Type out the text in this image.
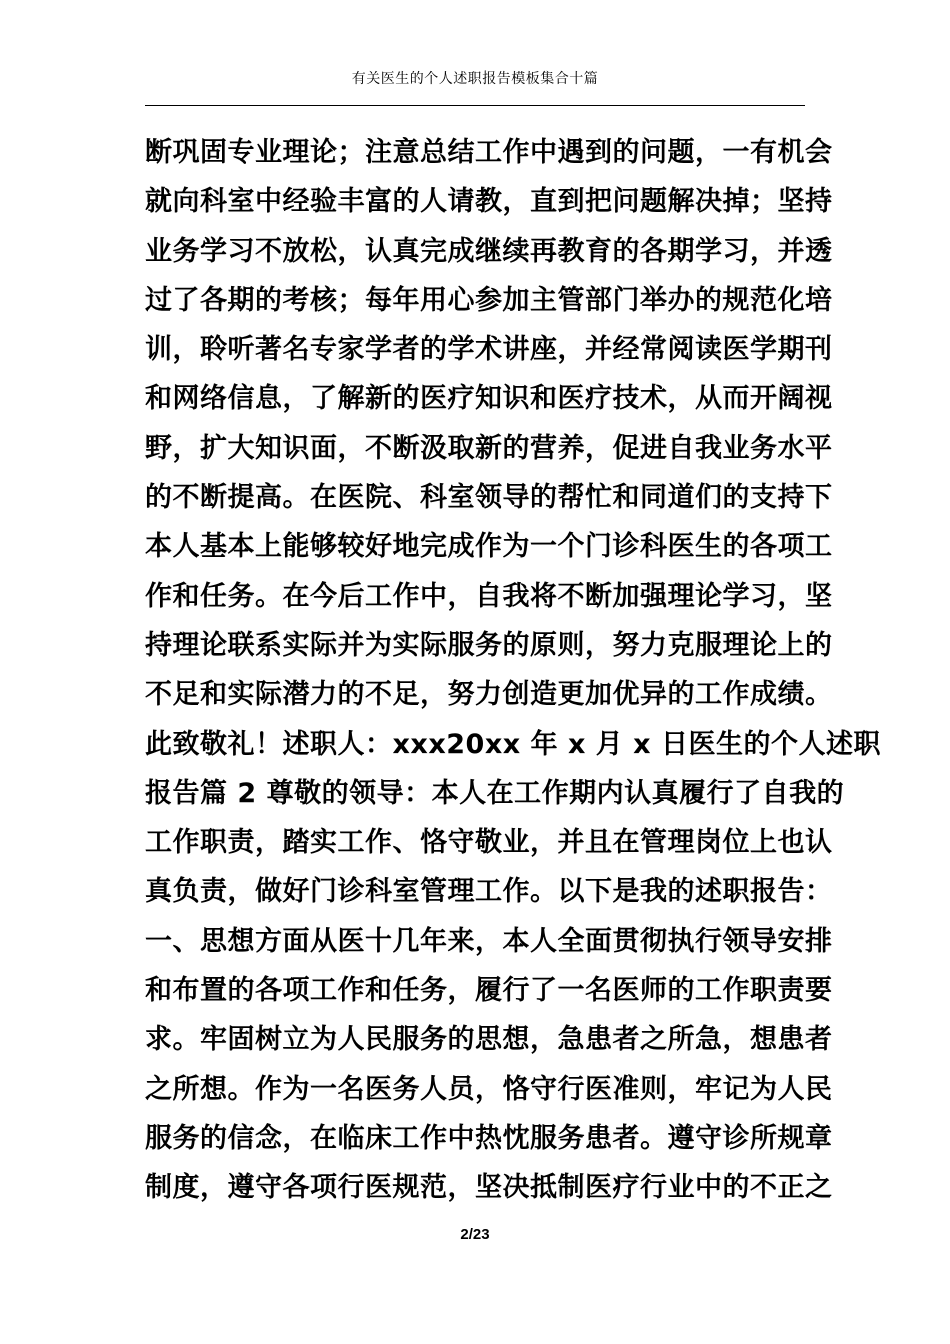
有关医生的个人述职报告模板集合十篇
断巩固专业理论；注意总结工作中遇到的问题，一有机会
就向科室中经验丰富的人请教，直到把问题解决掉；坚持
业务学习不放松，认真完成继续再教育的各期学习，并透
过了各期的考核；每年用心参加主管部门举办的规范化培
训，聆听著名专家学者的学术讲座，并经常阅读医学期刊
和网络信息，了解新的医疗知识和医疗技术，从而开阔视
野，扩大知识面，不断汲取新的营养，促进自我业务水平
的不断提高。在医院、科室领导的帮忙和同道们的支持下
本人基本上能够较好地完成作为一个门诊科医生的各项工
作和任务。在今后工作中，自我将不断加强理论学习，坚
持理论联系实际并为实际服务的原则，努力克服理论上的
不足和实际潜力的不足，努力创造更加优异的工作成绩。
此致敬礼！述职人：xxx20xx 年 x 月 x 日医生的个人述职
报告篇 2 尊敬的领导：本人在工作期内认真履行了自我的
工作职责，踏实工作、恪守敬业，并且在管理岗位上也认
真负责，做好门诊科室管理工作。以下是我的述职报告：
一、思想方面从医十几年来，本人全面贯彻执行领导安排
和布置的各项工作和任务，履行了一名医师的工作职责要
求。牢固树立为人民服务的思想，急患者之所急，想患者
之所想。作为一名医务人员，恪守行医准则，牢记为人民
服务的信念，在临床工作中热忱服务患者。遵守诊所规章
制度，遵守各项行医规范，坚决抵制医疗行业中的不正之
2/23
